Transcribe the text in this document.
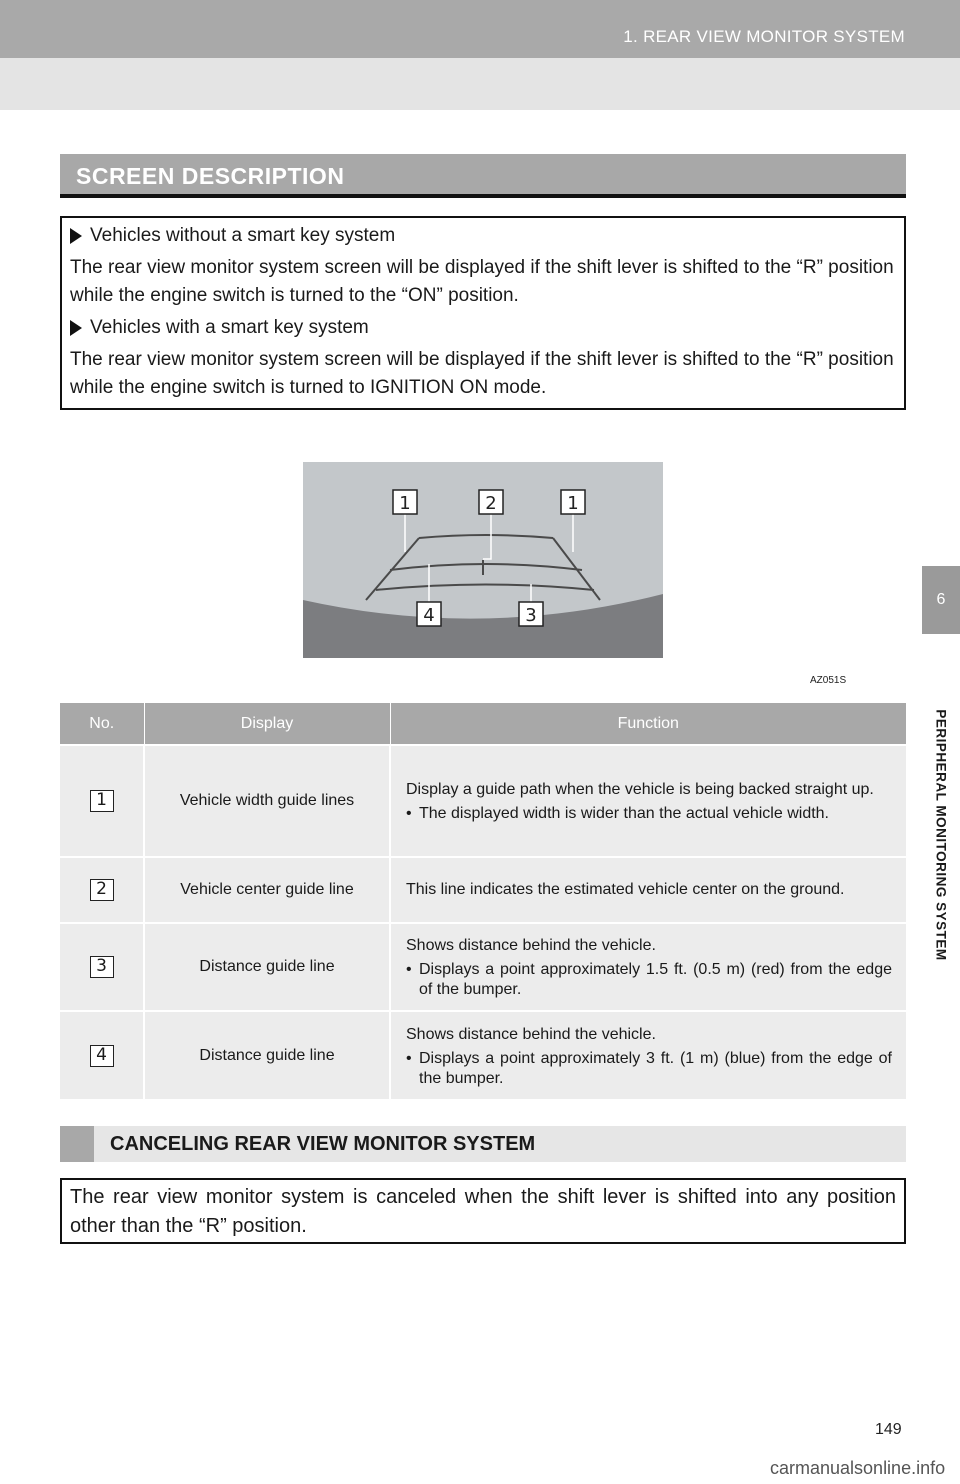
1. REAR VIEW MONITOR SYSTEM
6
PERIPHERAL MONITORING SYSTEM
SCREEN DESCRIPTION
Vehicles without a smart key system

The rear view monitor system screen will be displayed if the shift lever is shifted to the “R” position while the engine switch is turned to the “ON” position.

Vehicles with a smart key system

The rear view monitor system screen will be displayed if the shift lever is shifted to the “R” position while the engine switch is turned to IGNITION ON mode.

1	2	1
4	3
AZ051S
No.	Display	Function
1	Vehicle width guide lines	Display a guide path when the vehicle is being backed straight up.
• The displayed width is wider than the actual vehicle width.

2	Vehicle center guide line	This line indicates the estimated vehicle center on the ground.

3	Distance guide line	Shows distance behind the vehicle.
• Displays a point approximately 1.5 ft. (0.5 m) (red) from the edge of the bumper.

4	Distance guide line	Shows distance behind the vehicle.
• Displays a point approximately 3 ft. (1 m) (blue) from the edge of the bumper.
CANCELING REAR VIEW MONITOR SYSTEM
The rear view monitor system is canceled when the shift lever is shifted into any position other than the “R” position.
149
carmanualsonline.info
